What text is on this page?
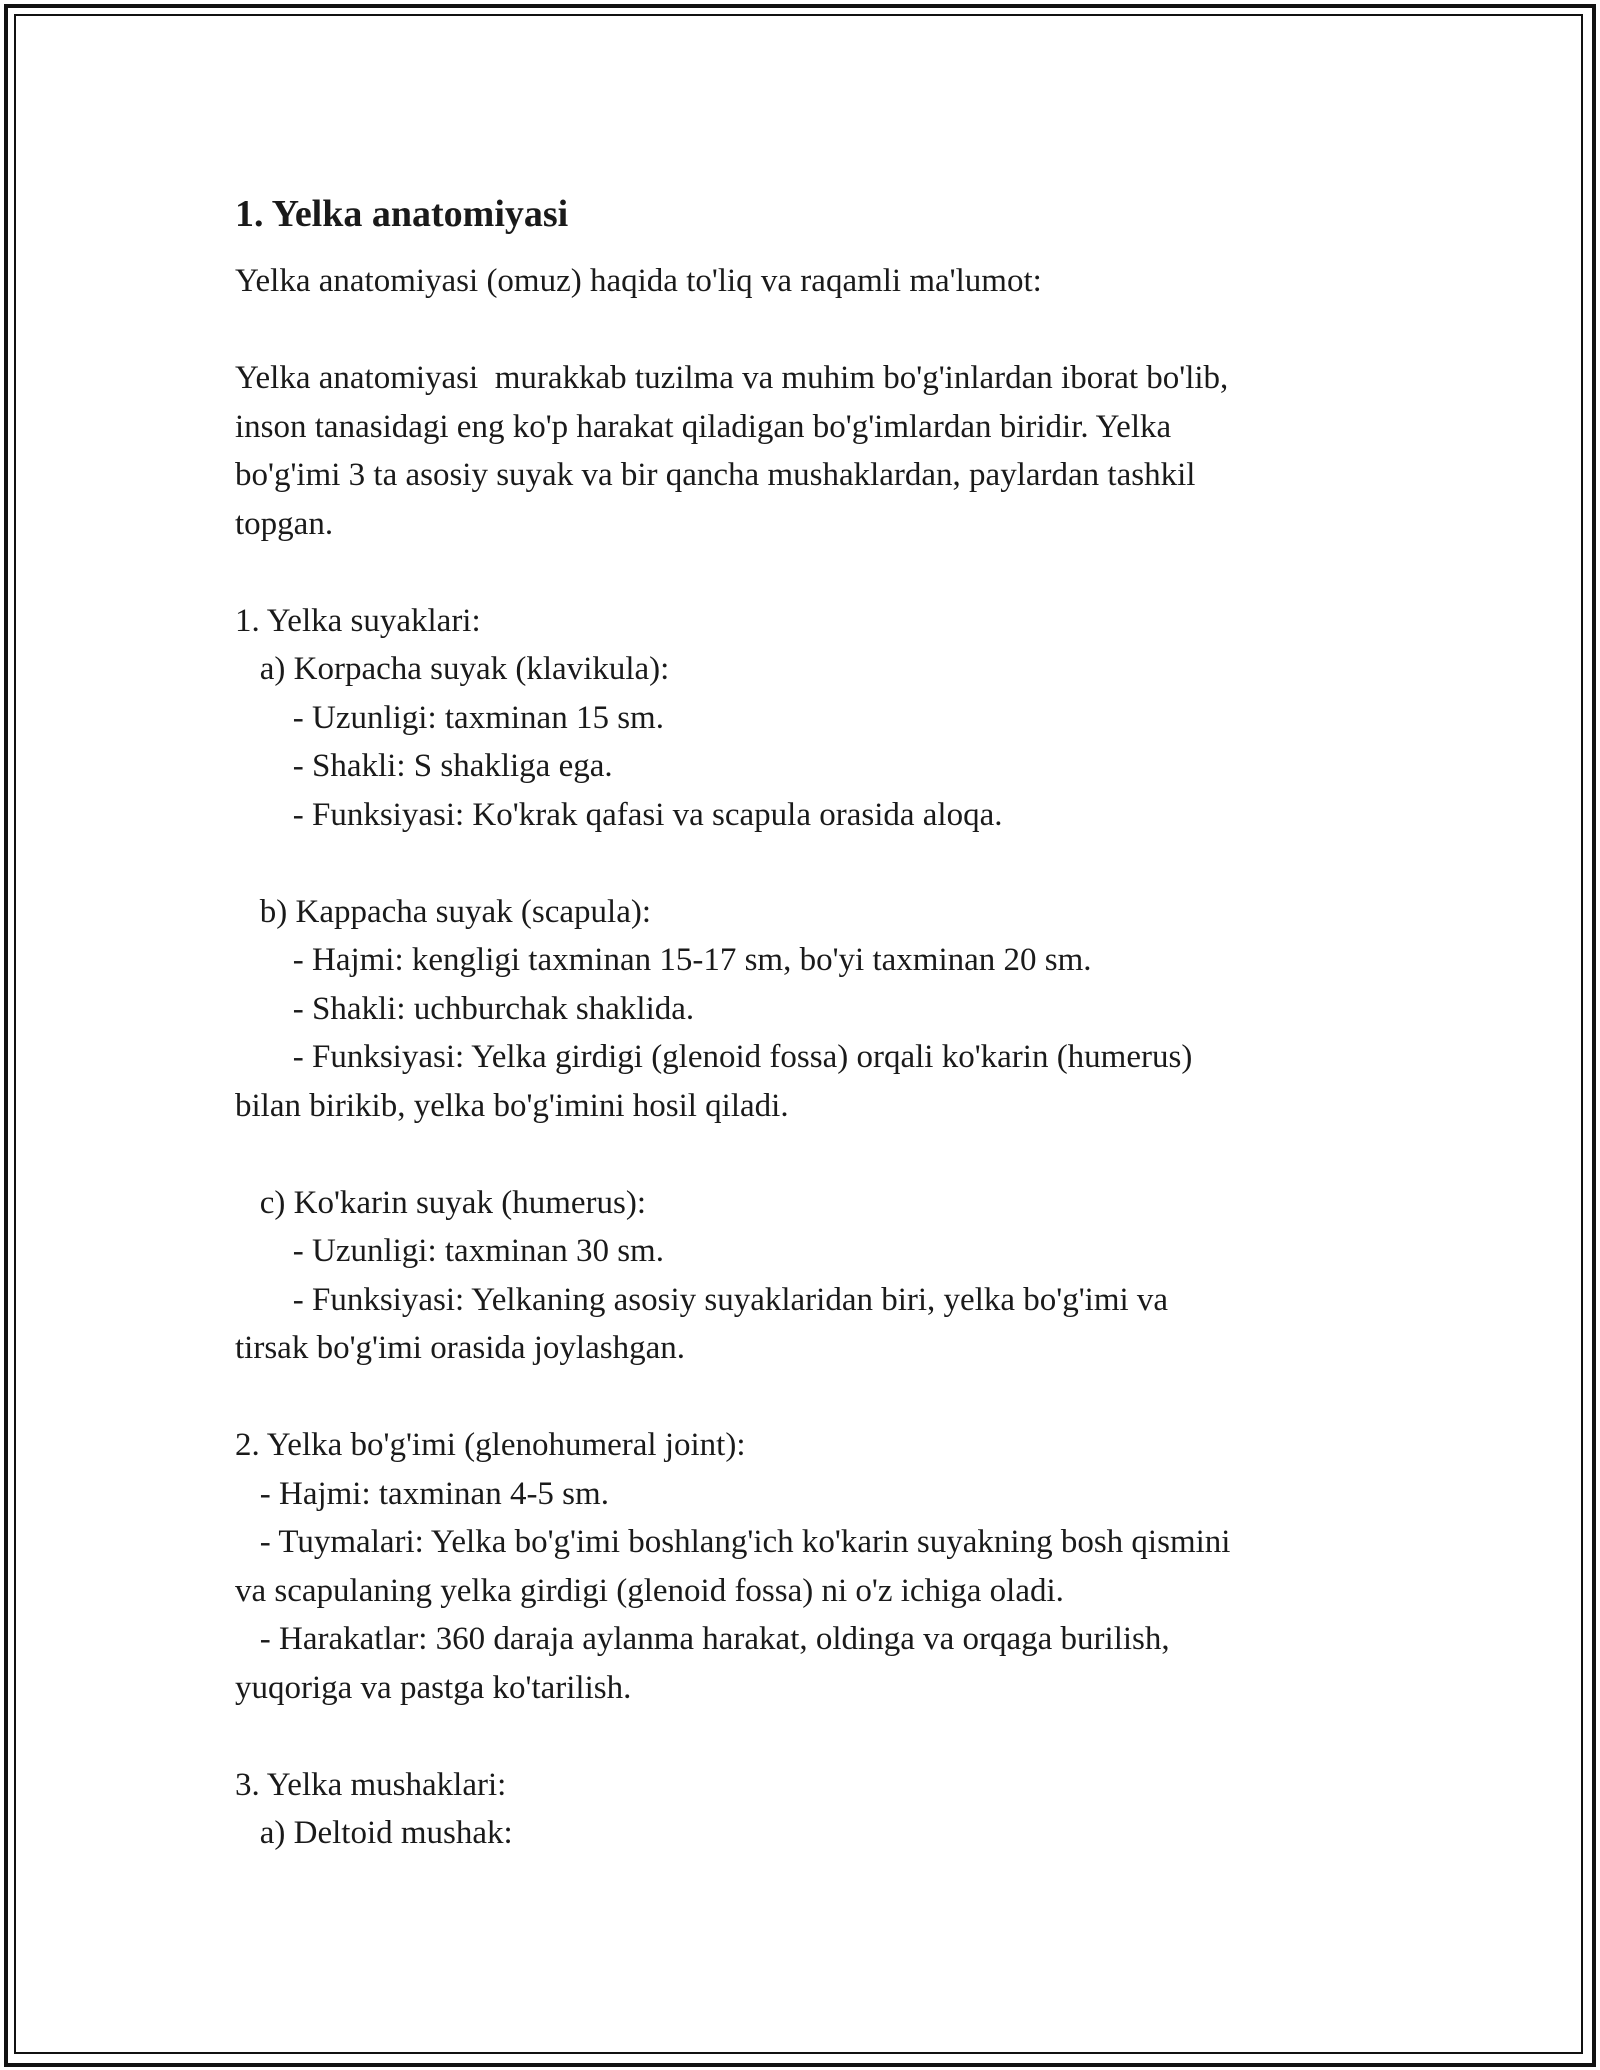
1. Yelka anatomiyasi
Yelka anatomiyasi (omuz) haqida to'liq va raqamli ma'lumot:
Yelka anatomiyasi  murakkab tuzilma va muhim bo'g'inlardan iborat bo'lib,
inson tanasidagi eng ko'p harakat qiladigan bo'g'imlardan biridir. Yelka
bo'g'imi 3 ta asosiy suyak va bir qancha mushaklardan, paylardan tashkil
topgan.
1. Yelka suyaklari:
a) Korpacha suyak (klavikula):
- Uzunligi: taxminan 15 sm.
- Shakli: S shakliga ega.
- Funksiyasi: Ko'krak qafasi va scapula orasida aloqa.
b) Kappacha suyak (scapula):
- Hajmi: kengligi taxminan 15-17 sm, bo'yi taxminan 20 sm.
- Shakli: uchburchak shaklida.
- Funksiyasi: Yelka girdigi (glenoid fossa) orqali ko'karin (humerus)
bilan birikib, yelka bo'g'imini hosil qiladi.
c) Ko'karin suyak (humerus):
- Uzunligi: taxminan 30 sm.
- Funksiyasi: Yelkaning asosiy suyaklaridan biri, yelka bo'g'imi va
tirsak bo'g'imi orasida joylashgan.
2. Yelka bo'g'imi (glenohumeral joint):
- Hajmi: taxminan 4-5 sm.
- Tuymalari: Yelka bo'g'imi boshlang'ich ko'karin suyakning bosh qismini
va scapulaning yelka girdigi (glenoid fossa) ni o'z ichiga oladi.
- Harakatlar: 360 daraja aylanma harakat, oldinga va orqaga burilish,
yuqoriga va pastga ko'tarilish.
3. Yelka mushaklari:
a) Deltoid mushak:
